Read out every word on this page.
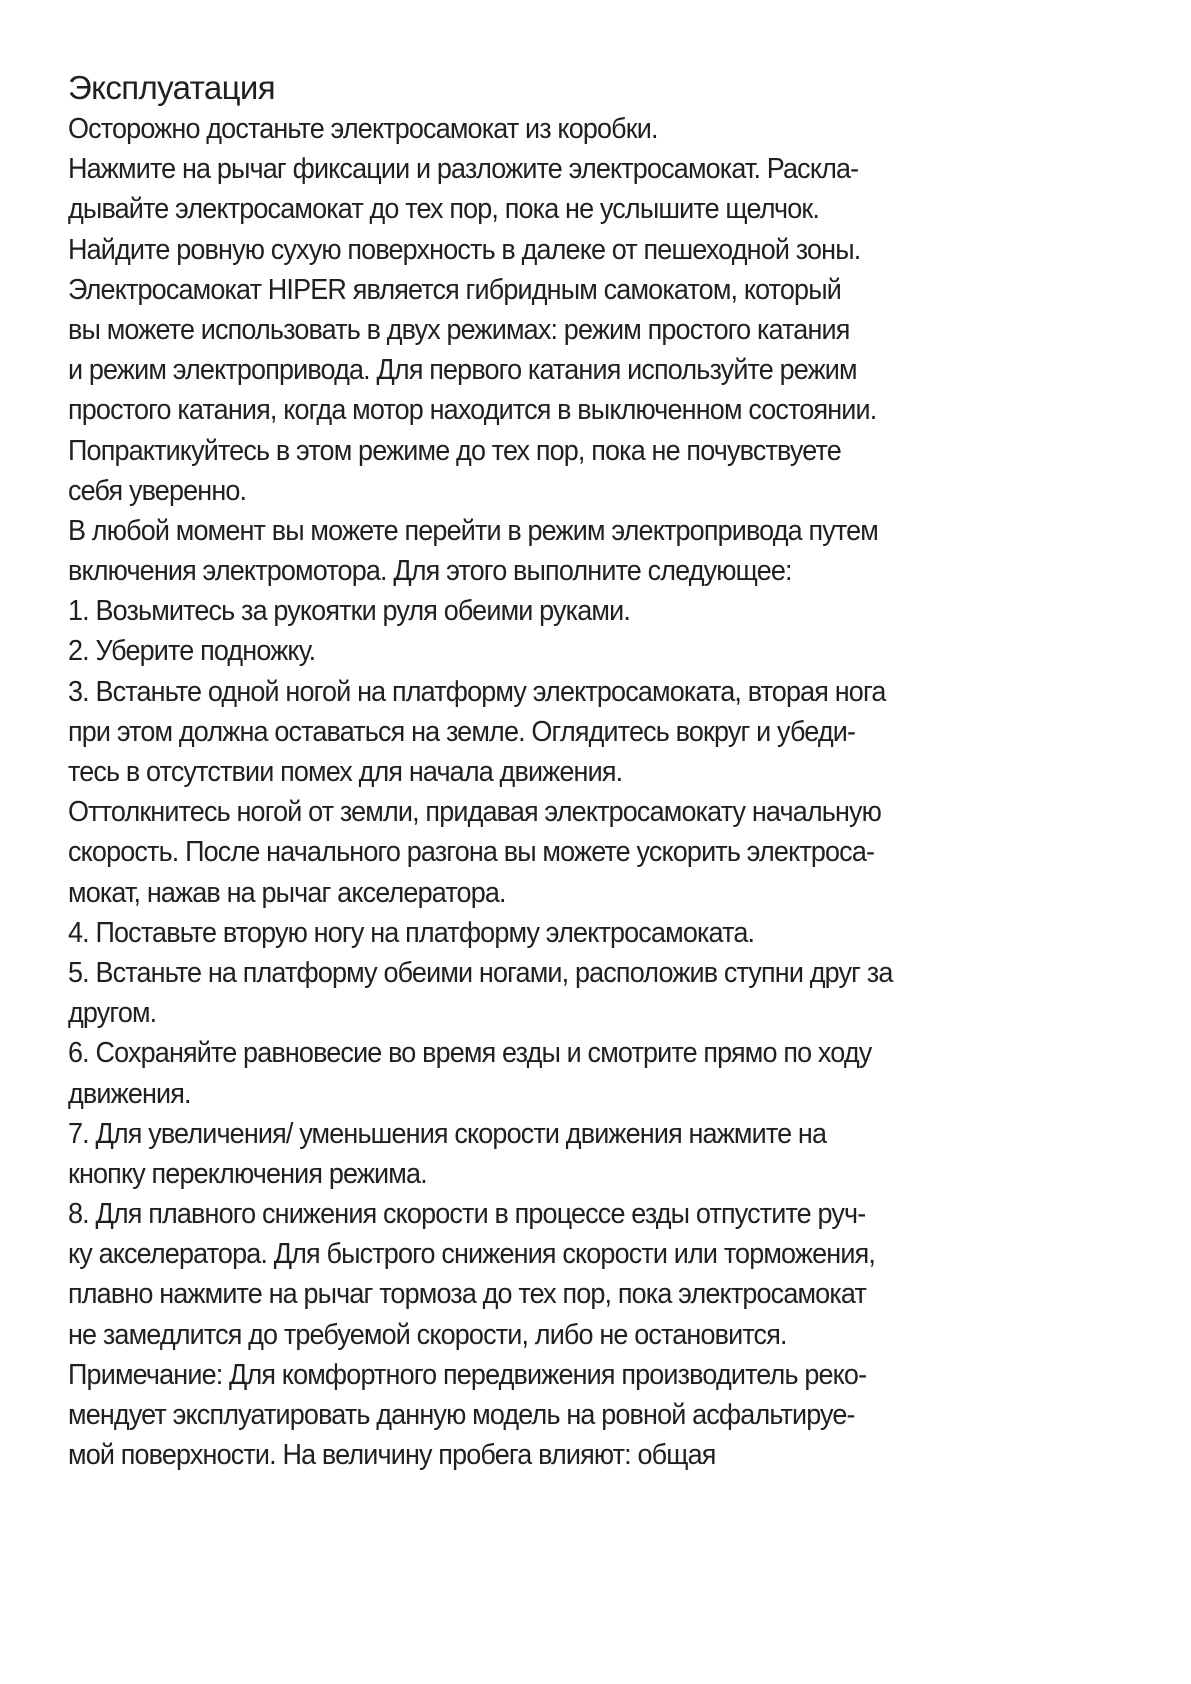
Эксплуатация
Осторожно достаньте электросамокат из коробки.
Нажмите на рычаг фиксации и разложите электросамокат. Раскла-
дывайте электросамокат до тех пор, пока не услышите щелчок.
Найдите ровную сухую поверхность в далеке от пешеходной зоны.
Электросамокат HIPER является гибридным самокатом, который
вы можете использовать в двух режимах: режим простого катания
и режим электропривода. Для первого катания используйте режим
простого катания, когда мотор находится в выключенном состоянии.
Попрактикуйтесь в этом режиме до тех пор, пока не почувствуете
себя уверенно.
В любой момент вы можете перейти в режим электропривода путем
включения электромотора. Для этого выполните следующее:
1. Возьмитесь за рукоятки руля обеими руками.
2. Уберите подножку.
3. Встаньте одной ногой на платформу электросамоката, вторая нога
при этом должна оставаться на земле. Оглядитесь вокруг и убеди-
тесь в отсутствии помех для начала движения.
Оттолкнитесь ногой от земли, придавая электросамокату начальную
скорость. После начального разгона вы можете ускорить электроса-
мокат, нажав на рычаг акселератора.
4. Поставьте вторую ногу на платформу электросамоката.
5. Встаньте на платформу обеими ногами, расположив ступни друг за
другом.
6. Сохраняйте равновесие во время езды и смотрите прямо по ходу
движения.
7. Для увеличения/ уменьшения скорости движения нажмите на
кнопку переключения режима.
8. Для плавного снижения скорости в процессе езды отпустите руч-
ку акселератора. Для быстрого снижения скорости или торможения,
плавно нажмите на рычаг тормоза до тех пор, пока электросамокат
не замедлится до требуемой скорости, либо не остановится.
Примечание: Для комфортного передвижения производитель реко-
мендует эксплуатировать данную модель на ровной асфальтируе-
мой поверхности. На величину пробега влияют: общая
